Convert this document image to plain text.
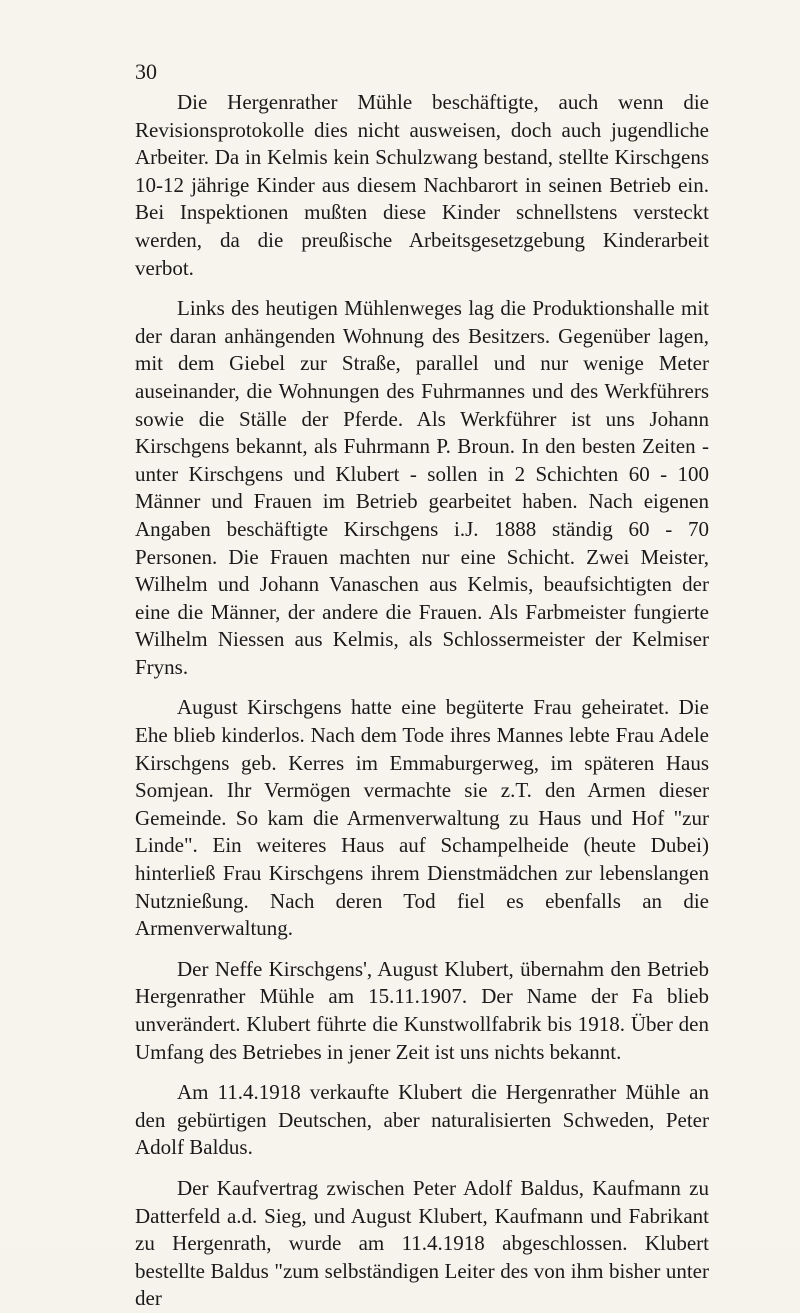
30

Die Hergenrather Mühle beschäftigte, auch wenn die Revisionsprotokolle dies nicht ausweisen, doch auch jugendliche Arbeiter. Da in Kelmis kein Schulzwang bestand, stellte Kirschgens 10-12 jährige Kinder aus diesem Nachbarort in seinen Betrieb ein. Bei Inspektionen mußten diese Kinder schnellstens versteckt werden, da die preußische Arbeitsgesetzgebung Kinderarbeit verbot.

Links des heutigen Mühlenweges lag die Produktionshalle mit der daran anhängenden Wohnung des Besitzers. Gegenüber lagen, mit dem Giebel zur Straße, parallel und nur wenige Meter auseinander, die Wohnungen des Fuhrmannes und des Werkführers sowie die Ställe der Pferde. Als Werkführer ist uns Johann Kirschgens bekannt, als Fuhrmann P. Broun. In den besten Zeiten - unter Kirschgens und Klubert - sollen in 2 Schichten 60 - 100 Männer und Frauen im Betrieb gearbeitet haben. Nach eigenen Angaben beschäftigte Kirschgens i.J. 1888 ständig 60 - 70 Personen. Die Frauen machten nur eine Schicht. Zwei Meister, Wilhelm und Johann Vanaschen aus Kelmis, beaufsichtigten der eine die Männer, der andere die Frauen. Als Farbmeister fungierte Wilhelm Niessen aus Kelmis, als Schlossermeister der Kelmiser Fryns.

August Kirschgens hatte eine begüterte Frau geheiratet. Die Ehe blieb kinderlos. Nach dem Tode ihres Mannes lebte Frau Adele Kirschgens geb. Kerres im Emmaburgerweg, im späteren Haus Somjean. Ihr Vermögen vermachte sie z.T. den Armen dieser Gemeinde. So kam die Armenverwaltung zu Haus und Hof "zur Linde". Ein weiteres Haus auf Schampelheide (heute Dubei) hinterließ Frau Kirschgens ihrem Dienstmädchen zur lebenslangen Nutznießung. Nach deren Tod fiel es ebenfalls an die Armenverwaltung.

Der Neffe Kirschgens', August Klubert, übernahm den Betrieb Hergenrather Mühle am 15.11.1907. Der Name der Fa blieb unverändert. Klubert führte die Kunstwollfabrik bis 1918. Über den Umfang des Betriebes in jener Zeit ist uns nichts bekannt.

Am 11.4.1918 verkaufte Klubert die Hergenrather Mühle an den gebürtigen Deutschen, aber naturalisierten Schweden, Peter Adolf Baldus.

Der Kaufvertrag zwischen Peter Adolf Baldus, Kaufmann zu Datterfeld a.d. Sieg, und August Klubert, Kaufmann und Fabrikant zu Hergenrath, wurde am 11.4.1918 abgeschlossen. Klubert bestellte Baldus "zum selbständigen Leiter des von ihm bisher unter der
